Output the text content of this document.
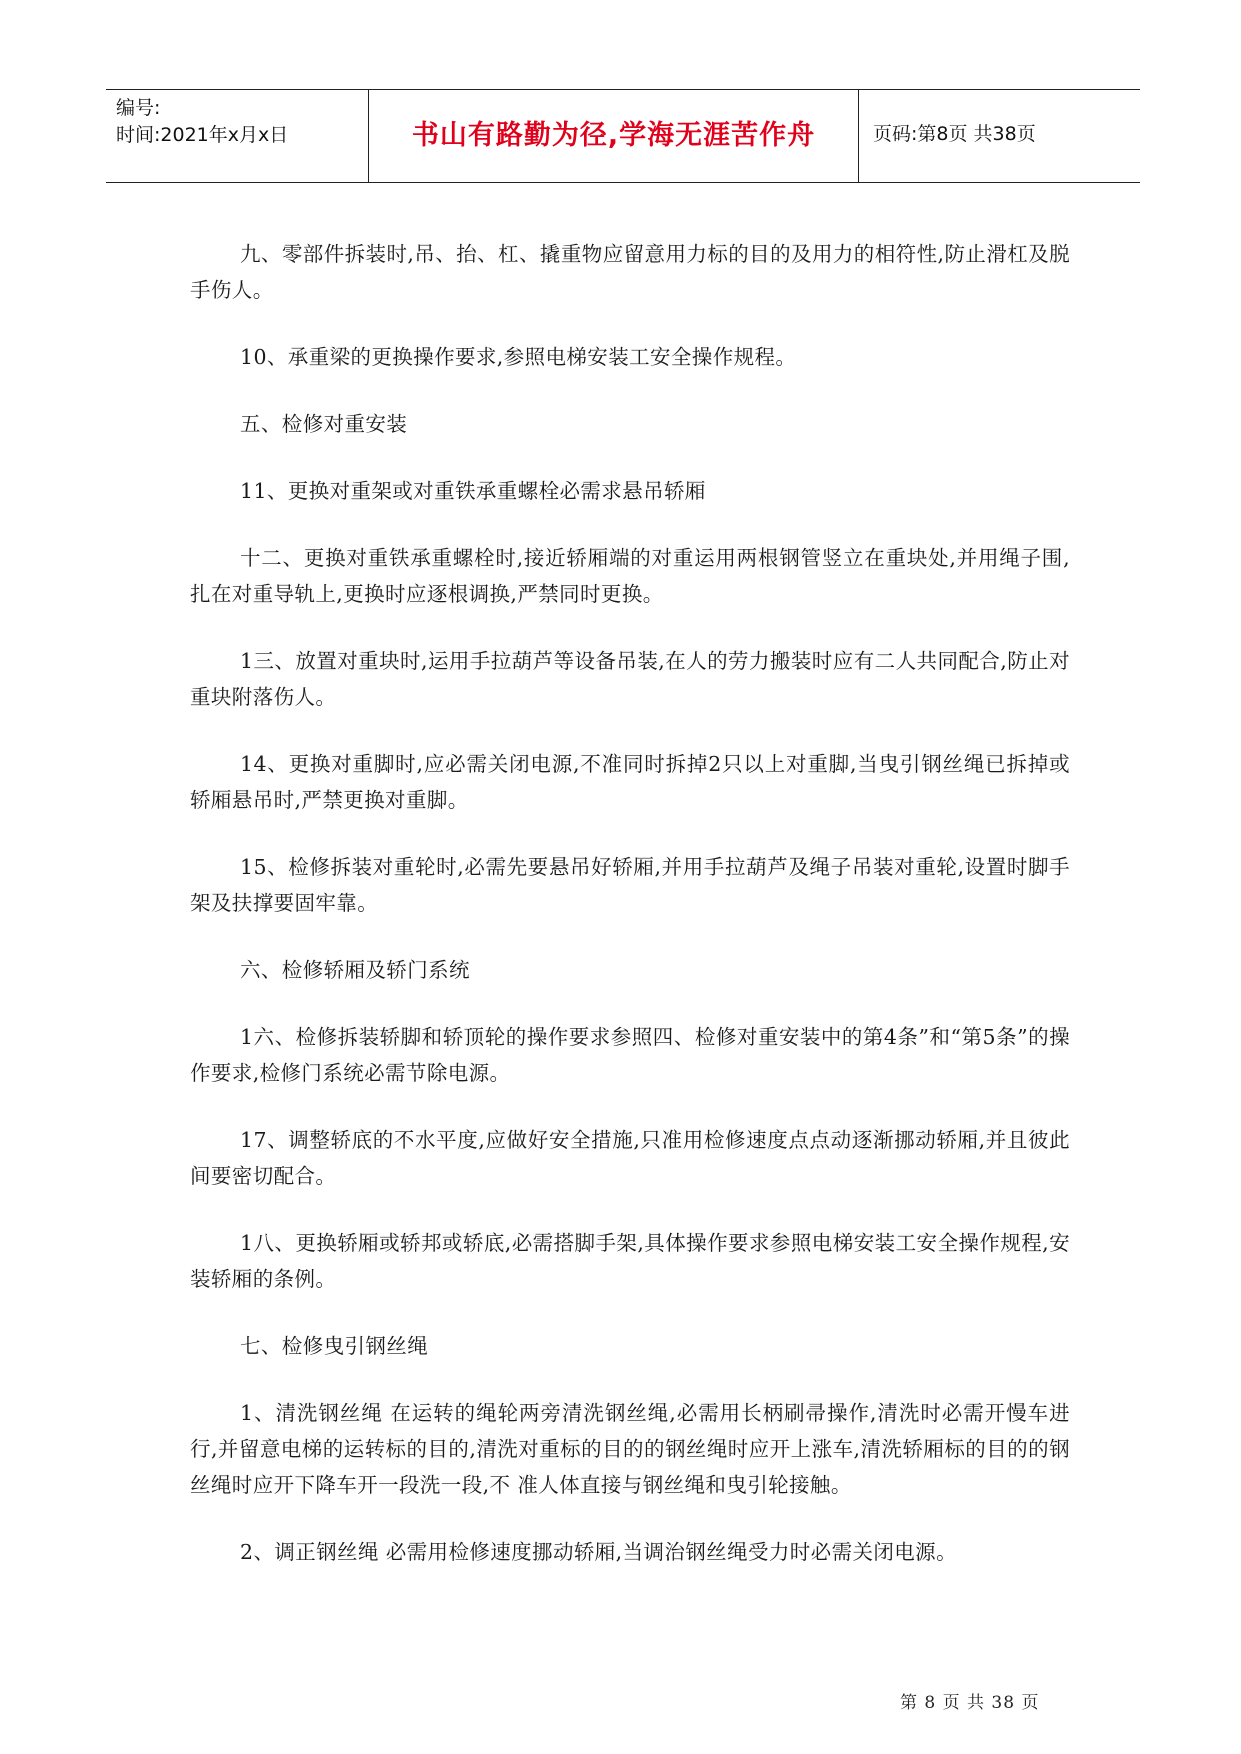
编号:
时间:2021年x月x日	书山有路勤为径,学海无涯苦作舟	页码:第8页 共38页

九、零部件拆装时,吊、抬、杠、撬重物应留意用力标的目的及用力的相符性,防止滑杠及脱手伤人。

10、承重梁的更换操作要求,参照电梯安装工安全操作规程。

五、检修对重安装

11、更换对重架或对重铁承重螺栓必需求悬吊轿厢

十二、更换对重铁承重螺栓时,接近轿厢端的对重运用两根钢管竖立在重块处,并用绳子围,扎在对重导轨上,更换时应逐根调换,严禁同时更换。

1三、放置对重块时,运用手拉葫芦等设备吊装,在人的劳力搬装时应有二人共同配合,防止对重块附落伤人。

14、更换对重脚时,应必需关闭电源,不准同时拆掉2只以上对重脚,当曳引钢丝绳已拆掉或轿厢悬吊时,严禁更换对重脚。

15、检修拆装对重轮时,必需先要悬吊好轿厢,并用手拉葫芦及绳子吊装对重轮,设置时脚手架及扶撑要固牢靠。

六、检修轿厢及轿门系统

1六、检修拆装轿脚和轿顶轮的操作要求参照四、检修对重安装中的第4条”和“第5条”的操作要求,检修门系统必需节除电源。

17、调整轿底的不水平度,应做好安全措施,只准用检修速度点点动逐渐挪动轿厢,并且彼此间要密切配合。

1八、更换轿厢或轿邦或轿底,必需搭脚手架,具体操作要求参照电梯安装工安全操作规程,安装轿厢的条例。

七、检修曳引钢丝绳

1、清洗钢丝绳 在运转的绳轮两旁清洗钢丝绳,必需用长柄刷帚操作,清洗时必需开慢车进行,并留意电梯的运转标的目的,清洗对重标的目的的钢丝绳时应开上涨车,清洗轿厢标的目的的钢丝绳时应开下降车开一段洗一段,不 准人体直接与钢丝绳和曳引轮接触。

2、调正钢丝绳 必需用检修速度挪动轿厢,当调治钢丝绳受力时必需关闭电源。

第 8 页 共 38 页
